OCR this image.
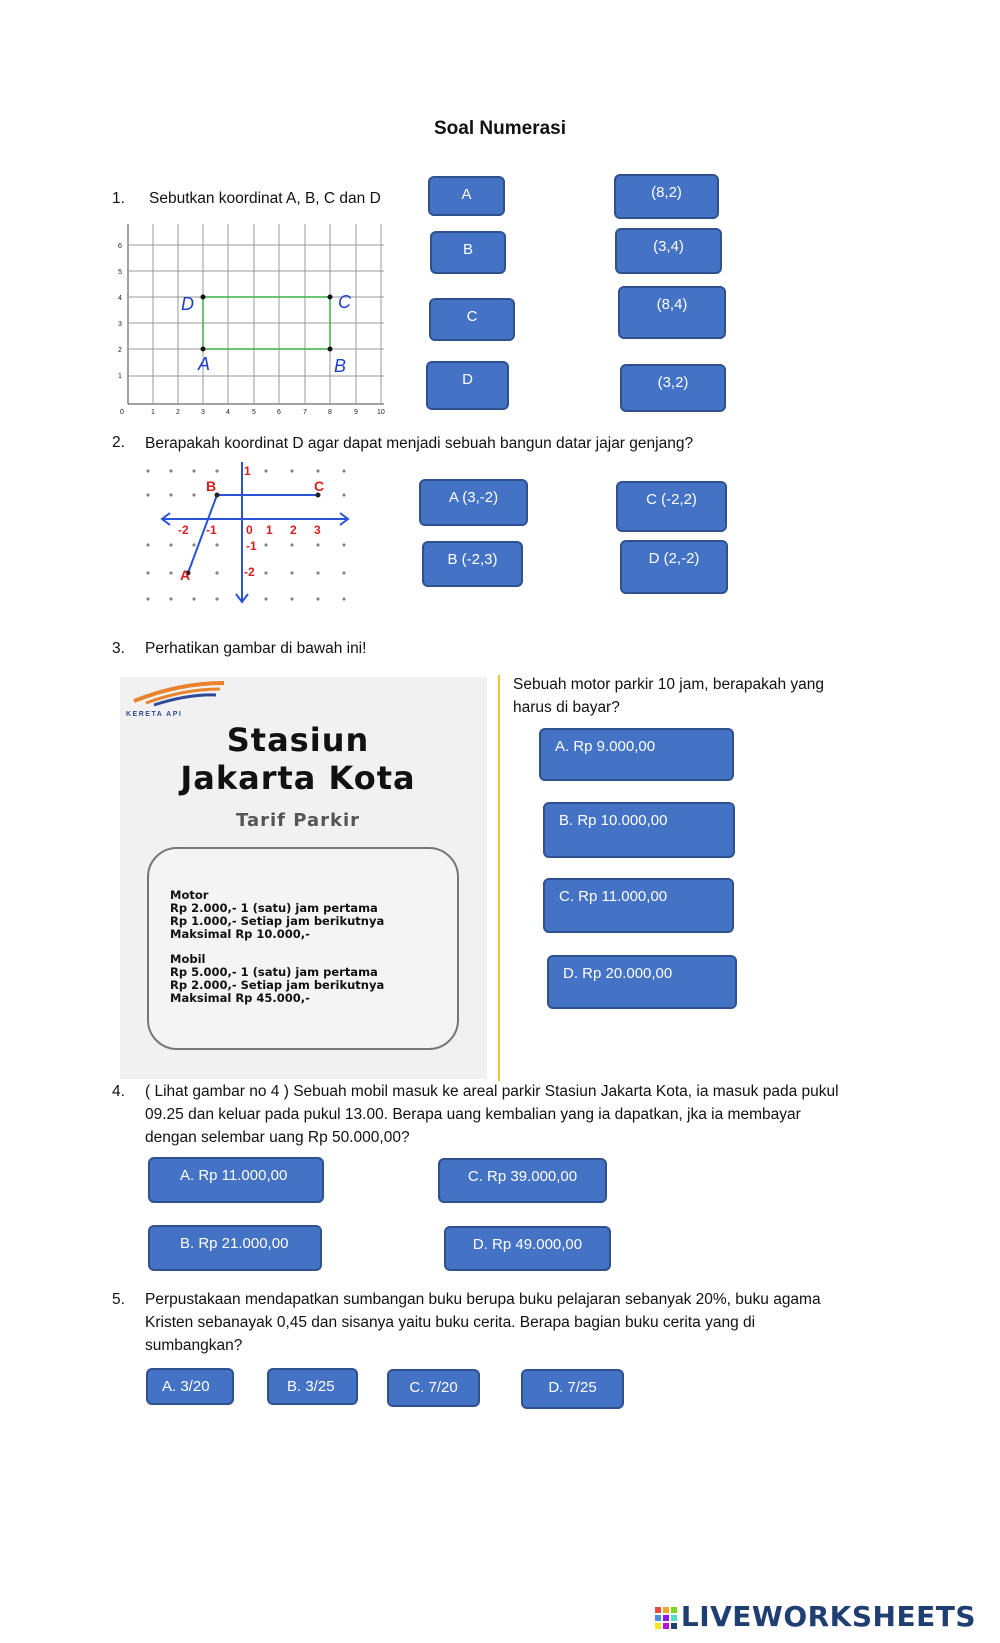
Soal Numerasi
1. Sebutkan koordinat A, B, C dan D
0	1	2	3	4	5	6	7	8	9	10
1
2
3
4
5
6
A	B
C
D
A
B
C
D
(8,2)
(3,4)
(8,4)
(3,2)
2. Berapakah koordinat D agar dapat menjadi sebuah bangun datar jajar genjang?
B	C
A
-2 -1 0 1 2 3
1
-1
-2
A (3,-2)	C (-2,2)
B (-2,3)	D (2,-2)
3. Perhatikan gambar di bawah ini!
KERETA API
Stasiun
Jakarta Kota
Tarif Parkir
Motor
Rp 2.000,- 1 (satu) jam pertama
Rp 1.000,- Setiap jam berikutnya
Maksimal Rp 10.000,-
Mobil
Rp 5.000,- 1 (satu) jam pertama
Rp 2.000,- Setiap jam berikutnya
Maksimal Rp 45.000,-
Sebuah motor parkir 10 jam, berapakah yang harus di bayar?
A. Rp 9.000,00
B. Rp 10.000,00
C. Rp 11.000,00
D. Rp 20.000,00
4. ( Lihat gambar no 4 ) Sebuah mobil masuk ke areal parkir Stasiun Jakarta Kota, ia masuk pada pukul 09.25 dan keluar pada pukul 13.00. Berapa uang kembalian yang ia dapatkan, jka ia membayar dengan selembar uang Rp 50.000,00?
A. Rp 11.000,00	C. Rp 39.000,00
B. Rp 21.000,00	D. Rp 49.000,00
5. Perpustakaan mendapatkan sumbangan buku berupa buku pelajaran sebanyak 20%, buku agama Kristen sebanayak 0,45 dan sisanya yaitu buku cerita. Berapa bagian buku cerita yang di sumbangkan?
A. 3/20	B. 3/25	C. 7/20	D. 7/25
LIVEWORKSHEETS
